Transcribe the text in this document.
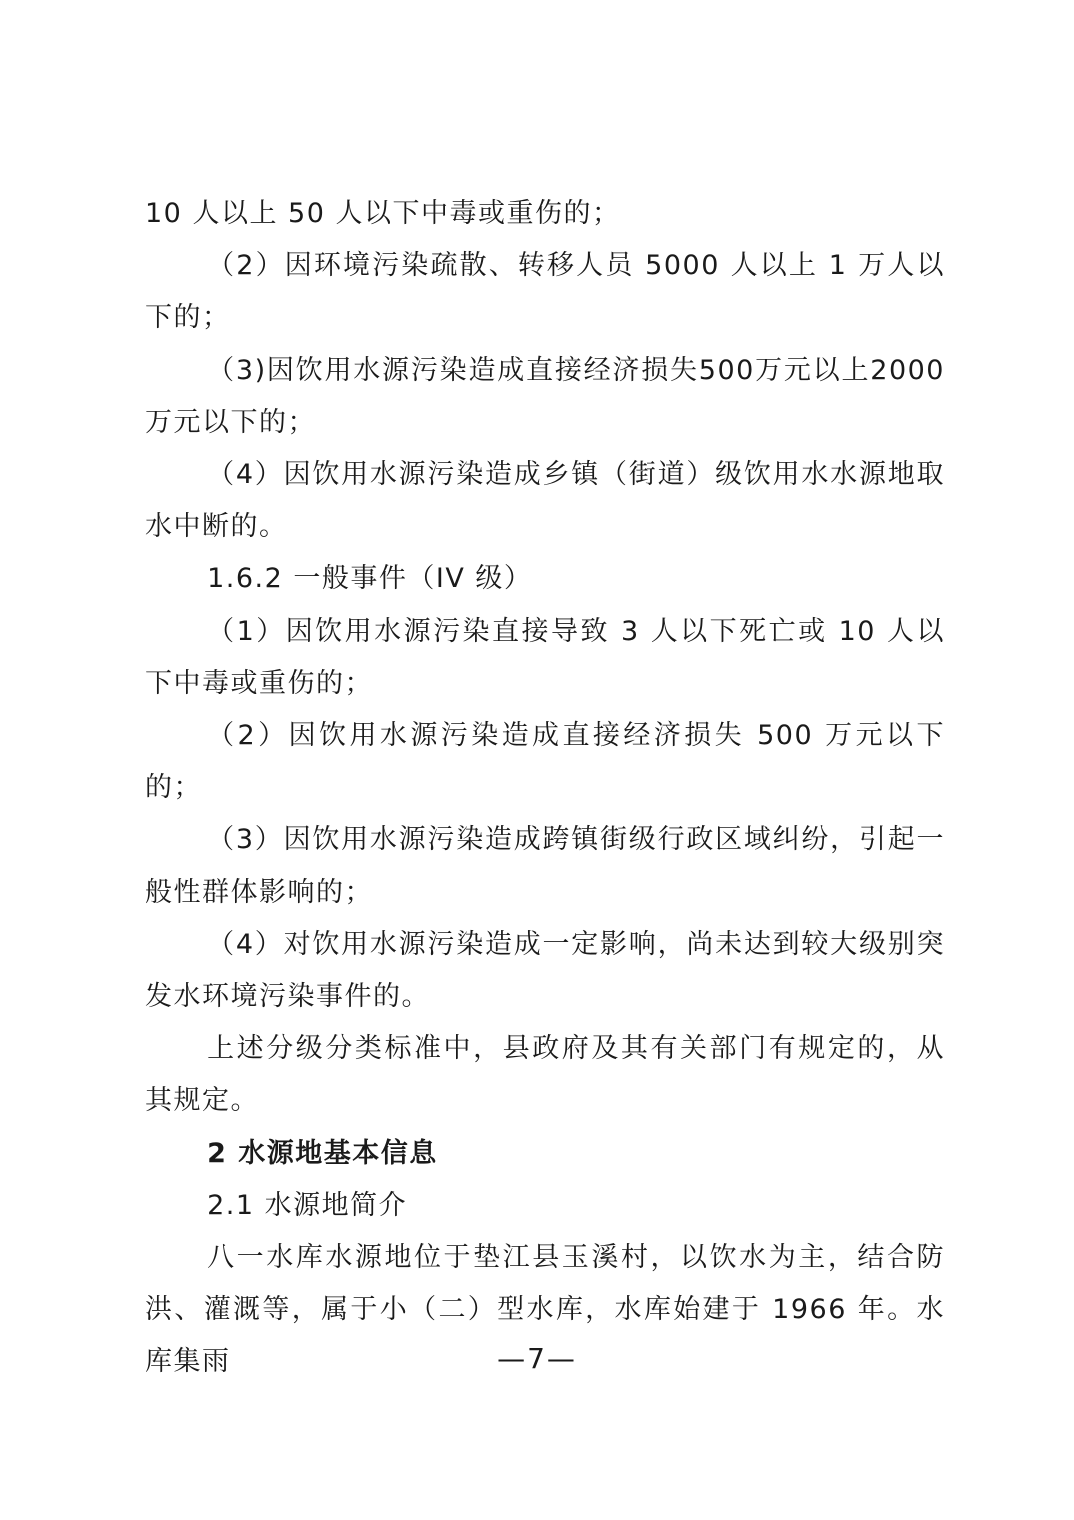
10 人以上 50 人以下中毒或重伤的；

（2）因环境污染疏散、转移人员 5000 人以上 1 万人以下的；

（3)因饮用水源污染造成直接经济损失500万元以上2000万元以下的；

（4）因饮用水源污染造成乡镇（街道）级饮用水水源地取水中断的。

1.6.2 一般事件（IV 级）

（1）因饮用水源污染直接导致 3 人以下死亡或 10 人以下中毒或重伤的；

（2）因饮用水源污染造成直接经济损失 500 万元以下的；

（3）因饮用水源污染造成跨镇街级行政区域纠纷，引起一般性群体影响的；

（4）对饮用水源污染造成一定影响，尚未达到较大级别突发水环境污染事件的。

上述分级分类标准中，县政府及其有关部门有规定的，从其规定。

2 水源地基本信息

2.1 水源地简介

八一水库水源地位于垫江县玉溪村，以饮水为主，结合防洪、灌溉等，属于小（二）型水库，水库始建于 1966 年。水库集雨	—7—
